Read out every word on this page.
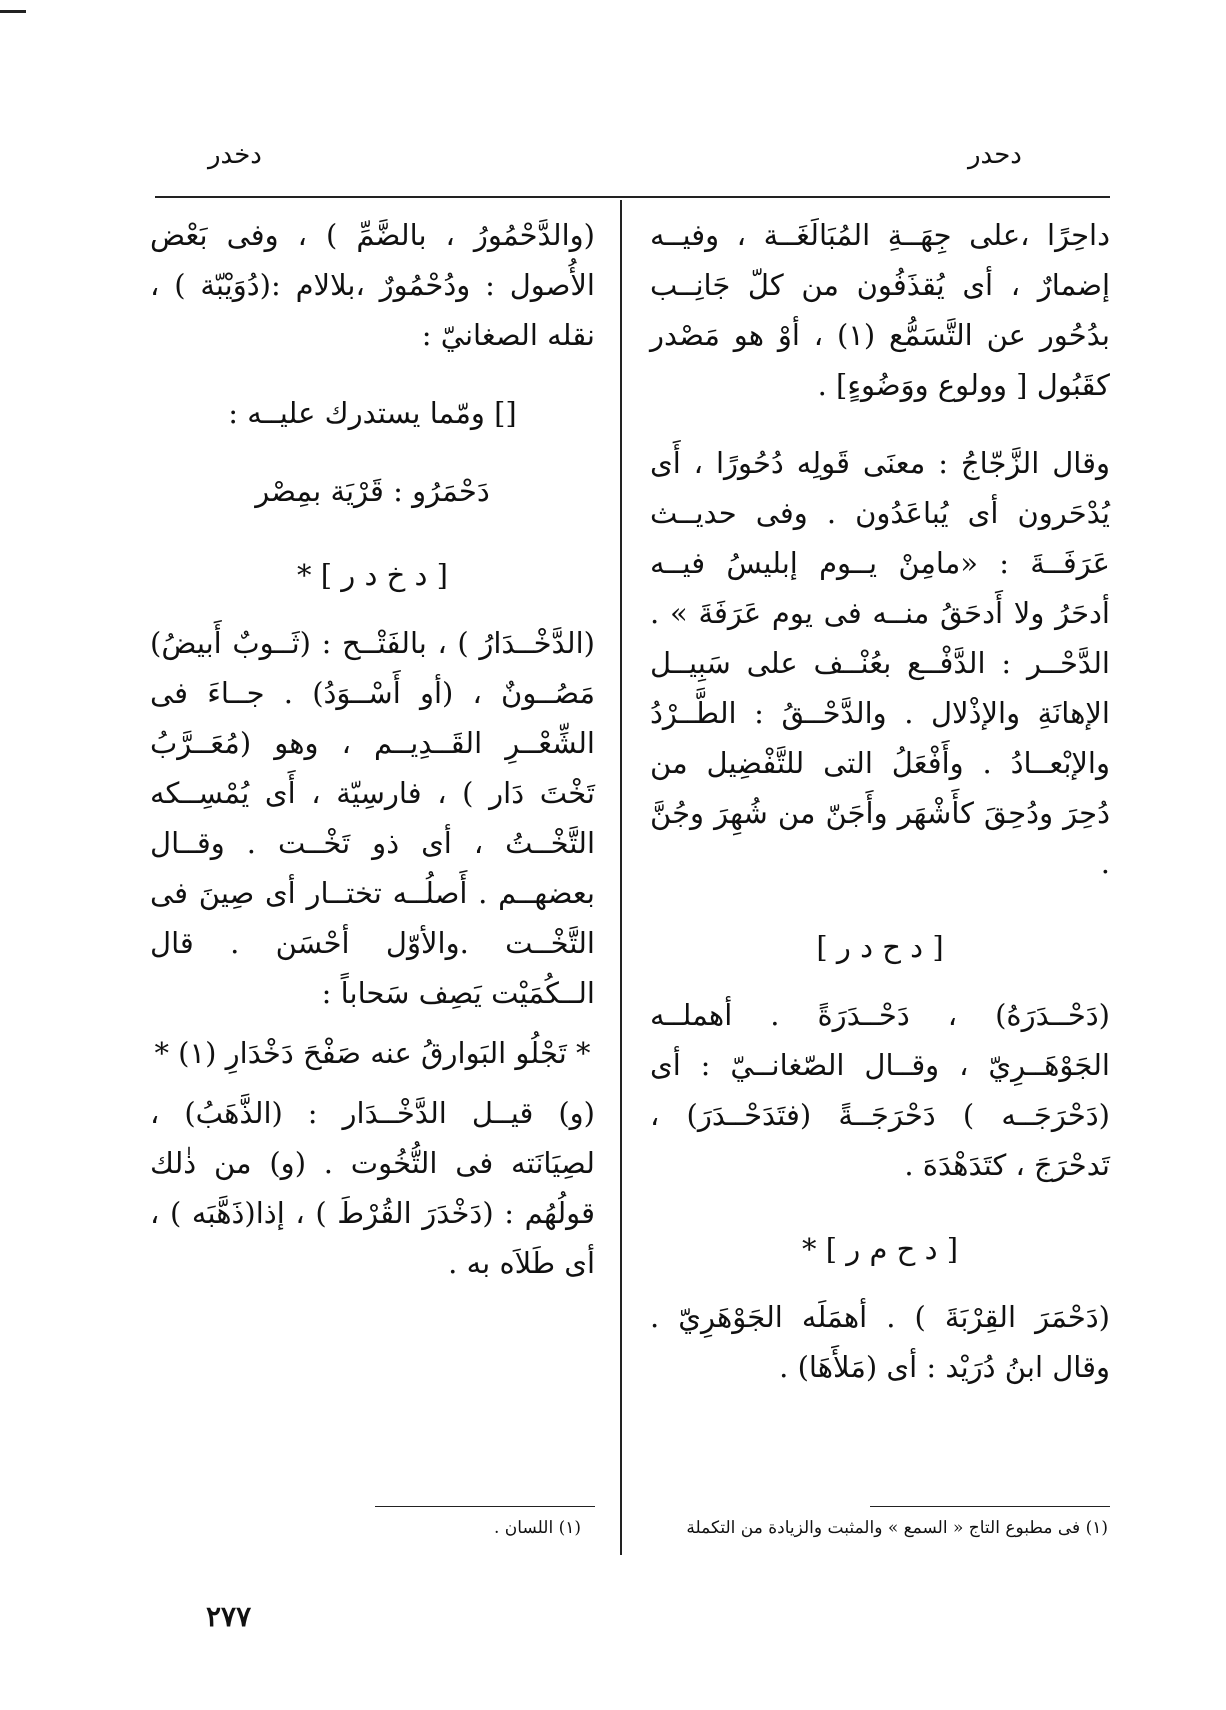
دخدر	دحدر

داحِرًا ،على جِهَــةِ المُبَالَغَــة ، وفيــه إضمارٌ ، أى يُقذَفُون من كلّ جَانِــب بدُحُور عن التَّسَمُّع (١) ، أوْ هو مَصْدر كقَبُول [ وولوع ووَضُوءٍ] .

وقال الزَّجّاجُ : معنَى قَولِه دُحُورًا ، أَى يُدْحَرون أى يُباعَدُون . وفى حديــث عَرَفَــةَ : «مامِنْ يــوم إبليسُ فيــه أدحَرُ ولا أَدحَقُ منــه فى يوم عَرَفَةَ » . الدَّحْــر : الدَّفْــع بعُنْــف على سَبِيــل الإهانَةِ والإذْلال . والدَّحْــقُ : الطَّــرْدُ والإبْعــادُ . وأَفْعَلُ التى للتَّفْضِيل من دُحِرَ ودُحِقَ كأَشْهَر وأَجَنّ من شُهِرَ وجُنَّ .

[ د ح د ر ]

(دَحْــدَرَهُ) ، دَحْــدَرَةً . أهملــه الجَوْهَــرِيّ ، وقــال الصّغانــيّ : أى (دَحْرَجَــه ) دَحْرَجَــةً (فتَدَحْــدَرَ) ، تَدحْرَجَ ، كتَدَهْدَهَ .

[ د ح م ر ] *

(دَحْمَرَ القِرْبَةَ ) . أهمَلَه الجَوْهَرِيّ . وقال ابنُ دُرَيْد : أى (مَلأَهَا) .

(والدَّحْمُورُ ، بالضَّمِّ ) ، وفى بَعْض الأُصول : ودُحْمُورٌ ،بلالام :(دُوَيْبّة ) ، نقله الصغانيّ :

[] ومّما يستدرك عليــه :

دَحْمَرُو : قَرْيَة بمِصْر

[ د خ د ر ] *

(الدَّخْــدَارُ ) ، بالفَتْــح : (ثَــوبٌ أَبيضُ) مَصُــونٌ ، (أو أَسْــوَدُ) . جــاءَ فى الشِّعْــرِ القَــدِيــم ، وهو (مُعَــرَّبُ تَخْتَ دَار ) ، فارسِيّة ، أَى يُمْسِــكه التَّخْــتُ ، أى ذو تَخْــت . وقــال بعضهــم . أَصلُــه تختــار أى صِينَ فى التَّخْــت .والأوّل أحْسَن . قال الــكُمَيْت يَصِف سَحاباً :

* تَجْلُو البَوارقُ عنه صَفْحَ دَخْدَارِ (١) *

(و) قيــل الدَّخْــدَار : (الذَّهَبُ) ، لصِيَانَته فى التُّخُوت . (و) من ذٰلك قولُهُم : (دَخْدَرَ القُرْطَ ) ، إذا(ذَهَّبَه ) ، أى طَلاَه به .

(١) فى مطبوع التاج « السمع » والمثبت والزيادة من التكملة
(١) اللسان .
٢٧٧
